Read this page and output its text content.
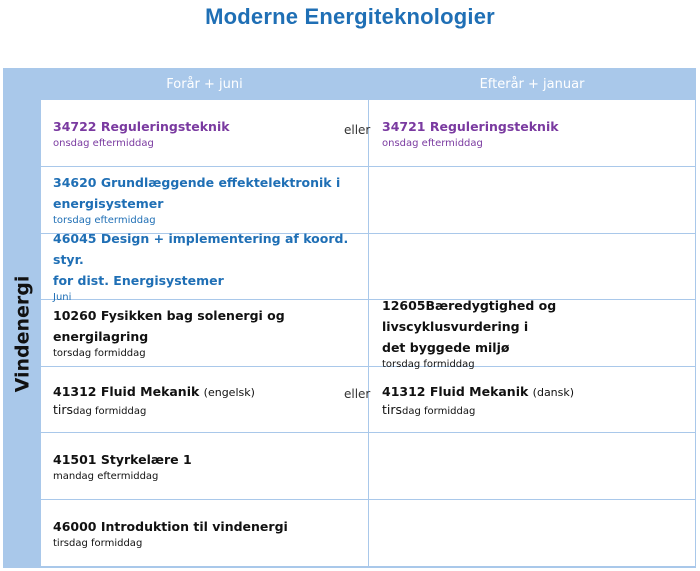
Moderne Energiteknologier
Vindenergi
Forår + juni	Efterår + januar
34722 Reguleringsteknik
onsdag eftermiddag
eller 34721 Reguleringsteknik
onsdag eftermiddag
34620 Grundlæggende effektelektronik i
energisystemer
torsdag eftermiddag
46045 Design + implementering af koord. styr.
for dist. Energisystemer
Juni
10260 Fysikken bag solenergi og energilagring
torsdag formiddag
12605Bæredygtighed og livscyklusvurdering i
det byggede miljø
torsdag formiddag
41312 Fluid Mekanik (engelsk)
tirsdag formiddag
eller 41312 Fluid Mekanik (dansk)
tirsdag formiddag
41501 Styrkelære 1
mandag eftermiddag
46000 Introduktion til vindenergi
tirsdag formiddag
